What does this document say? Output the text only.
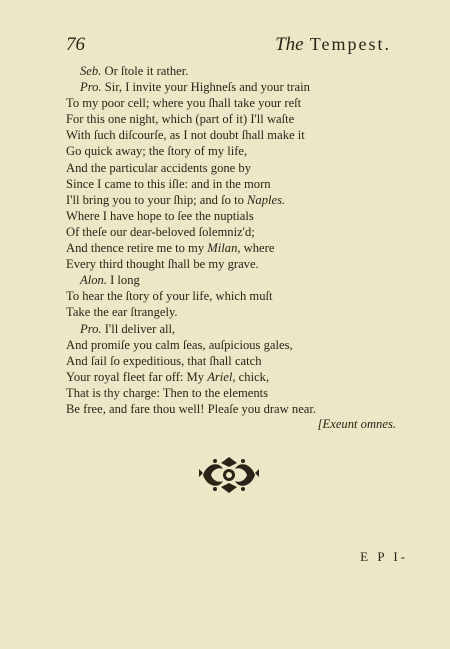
76	The Tempest.
Seb. Or ſtole it rather.
Pro. Sir, I invite your Highneſs and your train
To my poor cell; where you ſhall take your reſt
For this one night, which (part of it) I'll waſte
With ſuch diſcourſe, as I not doubt ſhall make it
Go quick away; the ſtory of my life,
And the particular accidents gone by
Since I came to this iſle: and in the morn
I'll bring you to your ſhip; and ſo to Naples.
Where I have hope to ſee the nuptials
Of theſe our dear-beloved ſolemniz'd;
And thence retire me to my Milan, where
Every third thought ſhall be my grave.
Alon. I long
To hear the ſtory of your life, which muſt
Take the ear ſtrangely.
Pro. I'll deliver all,
And promiſe you calm ſeas, auſpicious gales,
And ſail ſo expeditious, that ſhall catch
Your royal fleet far off: My Ariel, chick,
That is thy charge: Then to the elements
Be free, and fare thou well! Pleaſe you draw near.
[Exeunt omnes.
E P I-
